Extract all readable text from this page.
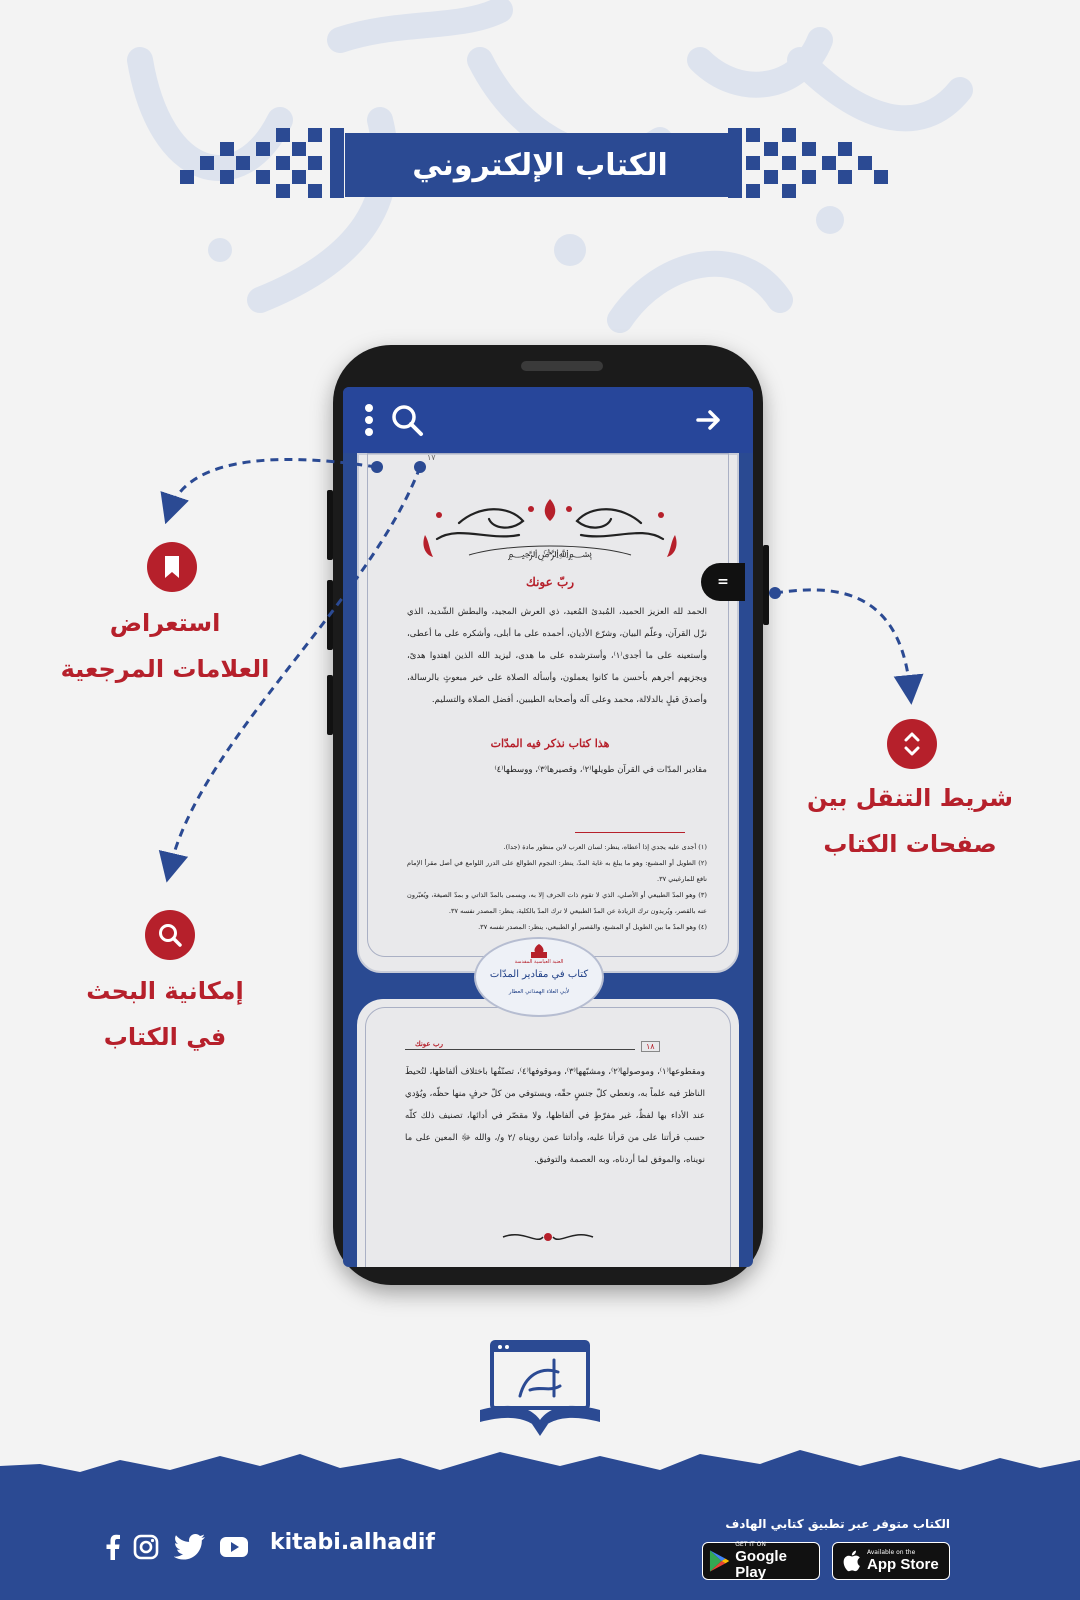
الكتاب الإلكتروني
١٧
﷽
ربّ عونك
الحمد لله العزيز الحميد، المُبدئ المُعيد، ذي العرش المجيد، والبطش الشّديد، الذي نزّل القرآن، وعلّم البيان، وشرّع الأديان، أحمده على ما أبلى، وأشكره على ما أعطى، وأستعينه على ما أجدى⁽١⁾، وأسترشده على ما هدى، ليزيد الله الذين اهتدوا هدىً، ويجزيهم أجرهم بأحسن ما كانوا يعملون، وأسأله الصلاة على خير مبعوثٍ بالرسالة، وأصدق قيلٍ بالدلالة، محمد وعلى آله وأصحابه الطيبين، أفضل الصلاة والتسليم.
هذا كتاب نذكر فيه المدّات
مقادير المدّات في القرآن طويلها⁽٢⁾، وقصيرها⁽٣⁾، ووسطها⁽٤⁾
(١) أجدى عليه يجدي إذا أعطاه، ينظر: لسان العرب لابن منظور مادة (جدا).
(٢) الطويل أو المشبع: وهو ما يبلغ به غاية المدّ، ينظر: النجوم الطوالع على الدرر اللوامع في أصل مقرأ الإمام نافع للمارغيني ٣٧.
(٣) وهو المدّ الطبيعي أو الأصلي، الذي لا تقوم ذات الحرف إلا به، ويسمى بالمدّ الذاتي و بمدّ الصيغة، ويُعبّرون عنه بالقصر، ويُريدون ترك الزيادة عن المدّ الطبيعي لا ترك المدّ بالكلية، ينظر: المصدر نفسه ٣٧.
(٤) وهو المدّ ما بين الطويل أو المشبع، والقصير أو الطبيعي، ينظر: المصدر نفسه ٣٧.
رب عونك	١٨
ومقطوعها⁽١⁾، وموصولها⁽٢⁾، ومشبّهها⁽٣⁾، وموقوفها⁽٤⁾، تصنّفُها باختلاف ألفاظها، لتُحيطَ الناظرَ فيه علماً به، ونعطي كلّ جنسٍ حقّه، ويستوفي من كلّ حرفٍ منها حظّه، ويُؤدي عند الأداء بها لفظٌ، غير مفرّطٍ في ألفاظها، ولا مقصّر في أدائها، تصنيف ذلك كلّه حسب قرأتنا على من قرأنا عليه، وأداتنا عمن رويناه /٢ و/، والله ﷻ المعين على ما نويناه، والموفق لما أردناه، وبه العصمة والتوفيق.
العتبة العباسية المقدسة
كتاب في مقادير المدّات
لأبي العلاء الهمذاني العطار
=
استعراض
العلامات المرجعية
إمكانية البحث
في الكتاب
شريط التنقل بين
صفحات الكتاب
kitabi.alhadif
الكتاب متوفر عبر تطبيق كتابي الهادف
GET IT ON
Google Play
Available on the
App Store
